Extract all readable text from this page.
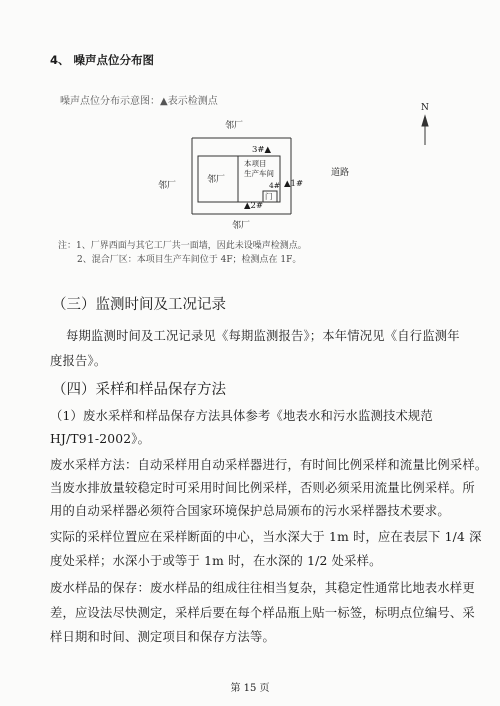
4、 噪声点位分布图
噪声点位分布示意图：▲表示检测点
N
邻厂
邻厂
邻厂
道路
邻厂
本项目
生产车间
门
3#▲
▲1#
4#
▲2#
注：1、厂界西面与其它工厂共一面墙，因此未设噪声检测点。
2、混合厂区：本项目生产车间位于 4F；检测点在 1F。
（三）监测时间及工况记录
每期监测时间及工况记录见《每期监测报告》；本年情况见《自行监测年
度报告》。
（四）采样和样品保存方法
（1）废水采样和样品保存方法具体参考《地表水和污水监测技术规范
HJ/T91-2002》。
废水采样方法：自动采样用自动采样器进行，有时间比例采样和流量比例采样。
当废水排放量较稳定时可采用时间比例采样，否则必须采用流量比例采样。所
用的自动采样器必须符合国家环境保护总局颁布的污水采样器技术要求。
实际的采样位置应在采样断面的中心，当水深大于 1m 时，应在表层下 1/4 深
度处采样；水深小于或等于 1m 时，在水深的 1/2 处采样。
废水样品的保存：废水样品的组成往往相当复杂，其稳定性通常比地表水样更
差，应设法尽快测定，采样后要在每个样品瓶上贴一标签，标明点位编号、采
样日期和时间、测定项目和保存方法等。
第 15 页
